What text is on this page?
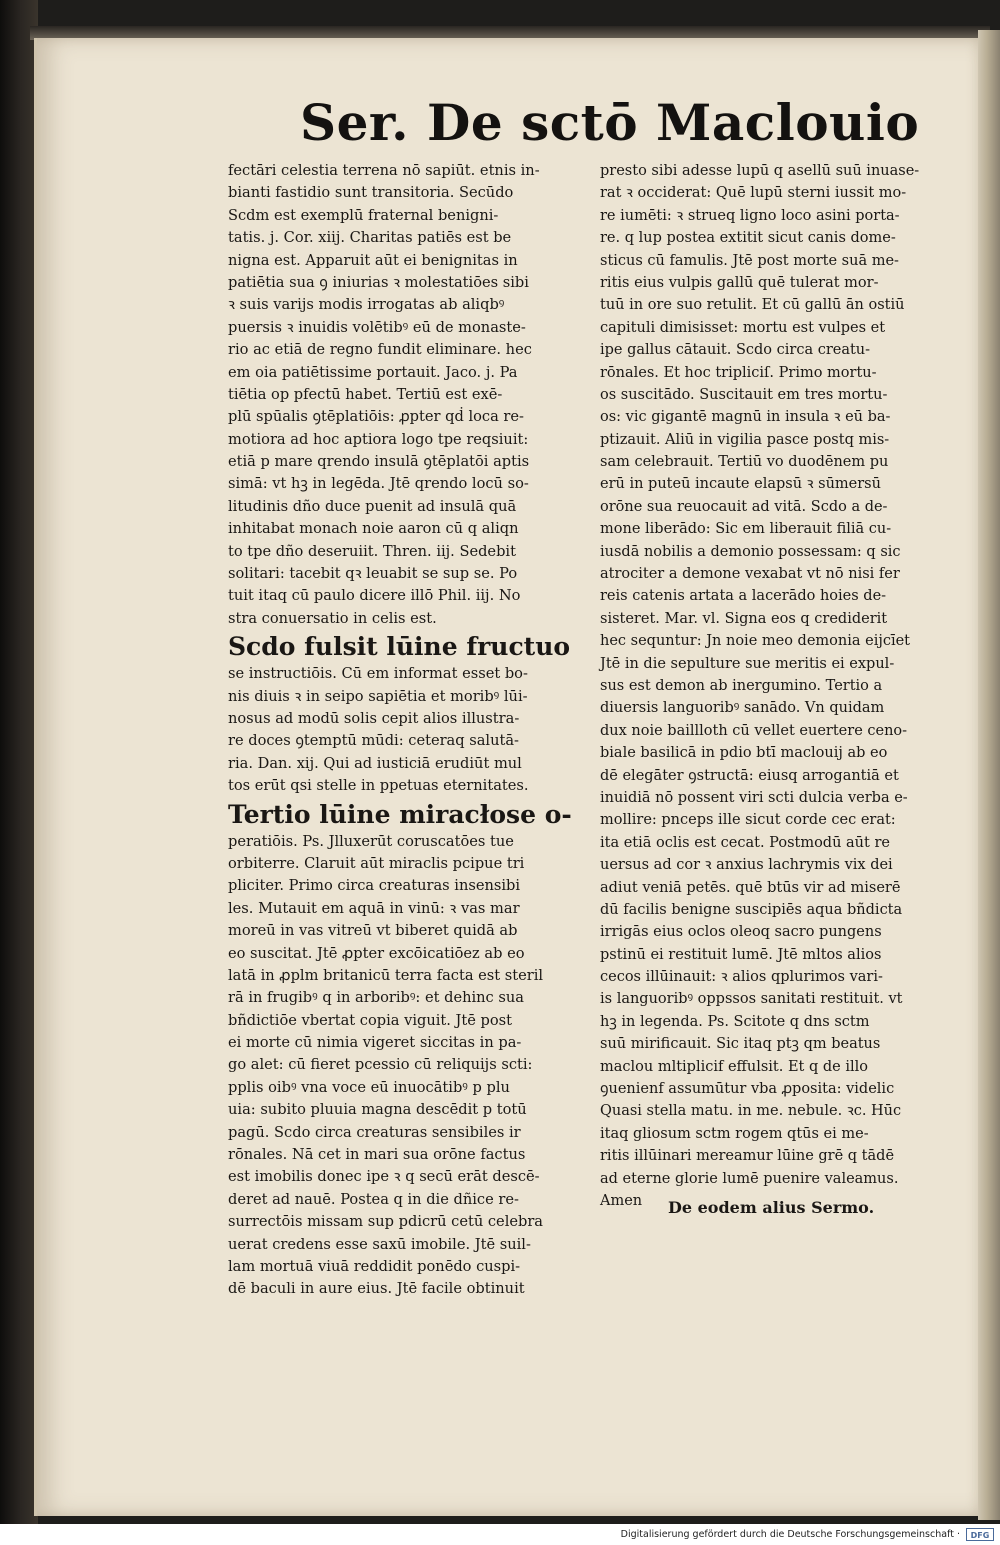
Ser. De sctō Maclouio
fectāri celestia terrena nō sapiūt. etnis in-
bianti fastidio sunt transitoria. Secūdo
Scdm est exemplū fraternal benigni-
tatis. j. Cor. xiij. Charitas patiēs est be
nigna est. Apparuit aūt ei benignitas in
patiētia sua ꝯ iniurias ꝛ molestatiōes sibi
ꝛ suis varijs modis irrogatas ab aliqbꝰ
puersis ꝛ inuidis volētibꝰ eū de monaste-
rio ac etiā de regno fundit eliminare. hec
em oia patiētissime portauit. Jaco. j. Pa
tiētia op pfectū habet. Tertiū est exē-
plū spūalis ꝯtēplatiōis: ꝓpter qḋ loca re-
motiora ad hoc aptiora logo tpe reqsiuit:
etiā p mare qrendo insulā ꝯtēplatōi aptis
simā: vt hꝫ in legēda. Jtē qrendo locū so-
litudinis dño duce puenit ad insulā quā
inhitabat monach noie aaron cū q aliqn
to tpe dño deseruiit. Thren. iij. Sedebit
solitari: tacebit qꝛ leuabit se sup se. Po
tuit itaq cū paulo dicere illō Phil. iij. No
stra conuersatio in celis est.
Scdo fulsit lūine fructuo
se instructiōis. Cū em informat esset bo-
nis diuis ꝛ in seipo sapiētia et moribꝰ lūi-
nosus ad modū solis cepit alios illustra-
re doces ꝯtemptū mūdi: ceteraq salutā-
ria. Dan. xij. Qui ad iusticiā erudiūt mul
tos erūt qsi stelle in ppetuas eternitates.
Tertio lūine miracłose o-
peratiōis. Ps. Jlluxerūt coruscatōes tue
orbiterre. Claruit aūt miraclis pcipue tri
pliciter. Primo circa creaturas insensibi
les. Mutauit em aquā in vinū: ꝛ vas mar
moreū in vas vitreū vt biberet quidā ab
eo suscitat. Jtē ꝓpter excōicatiōez ab eo
latā in ꝓplm britanicū terra facta est steril
rā in frugibꝰ q in arboribꝰ: et dehinc sua
bñdictiōe vbertat copia viguit. Jtē post
ei morte cū nimia vigeret siccitas in pa-
go alet: cū fieret pcessio cū reliquijs scti:
pplis oibꝰ vna voce eū inuocātibꝰ p plu
uia: subito pluuia magna descēdit p totū
pagū. Scdo circa creaturas sensibiles ir
rōnales. Nā cet in mari sua orōne factus
est imobilis donec ipe ꝛ q secū erāt descē-
deret ad nauē. Postea q in die dñice re-
surrectōis missam sup pdicrū cetū celebra
uerat credens esse saxū imobile. Jtē suil-
lam mortuā viuā reddidit ponēdo cuspi-
dē baculi in aure eius. Jtē facile obtinuit
presto sibi adesse lupū q asellū suū inuase-
rat ꝛ occiderat: Quē lupū sterni iussit mo-
re iumēti: ꝛ strueq ligno loco asini porta-
re. q lup postea extitit sicut canis dome-
sticus cū famulis. Jtē post morte suā me-
ritis eius vulpis gallū quē tulerat mor-
tuū in ore suo retulit. Et cū gallū ān ostiū
capituli dimisisset: mortu est vulpes et
ipe gallus cātauit. Scdo circa creatu-
rōnales. Et hoc tripliciſ. Primo mortu-
os suscitādo. Suscitauit em tres mortu-
os: vic gigantē magnū in insula ꝛ eū ba-
ptizauit. Aliū in vigilia pasce postq mis-
sam celebrauit. Tertiū vo duodēnem pu
erū in puteū incaute elapsū ꝛ sūmersū
orōne sua reuocauit ad vitā. Scdo a de-
mone liberādo: Sic em liberauit filiā cu-
iusdā nobilis a demonio possessam: q sic
atrociter a demone vexabat vt nō nisi fer
reis catenis artata a lacerādo hoies de-
sisteret. Mar. vl. Signa eos q crediderit
hec sequntur: Jn noie meo demonia eijcīet
Jtē in die sepulture sue meritis ei expul-
sus est demon ab inergumino. Tertio a
diuersis languoribꝰ sanādo. Vn quidam
dux noie baillloth cū vellet euertere ceno-
biale basilicā in pdio btī maclouij ab eo
dē elegāter ꝯstructā: eiusq arrogantiā et
inuidiā nō possent viri scti dulcia verba e-
mollire: pnceps ille sicut corde cec erat:
ita etiā oclis est cecat. Postmodū aūt re
uersus ad cor ꝛ anxius lachrymis vix dei
adiut veniā petēs. quē btūs vir ad miserē
dū facilis benigne suscipiēs aqua bñdicta
irrigās eius oclos oleoq sacro pungens
pstinū ei restituit lumē. Jtē mltos alios
cecos illūinauit: ꝛ alios qplurimos vari-
is languoribꝰ oppssos sanitati restituit. vt
hꝫ in legenda. Ps. Scitote q dns sctm
suū mirificauit. Sic itaq ptꝫ qm beatus
maclou mltiplicif effulsit. Et q de illo
ꝯuenienf assumūtur vba ꝓposita: videlic
Quasi stella matu. in me. nebule. ꝛc. Hūc
itaq gliosum sctm rogem qtūs ei me-
ritis illūinari mereamur lūine grē q tādē
ad eterne glorie lumē puenire valeamus.
Amen	De eodem alius Sermo.
Digitalisierung gefördert durch die Deutsche Forschungsgemeinschaft ·	DFG
